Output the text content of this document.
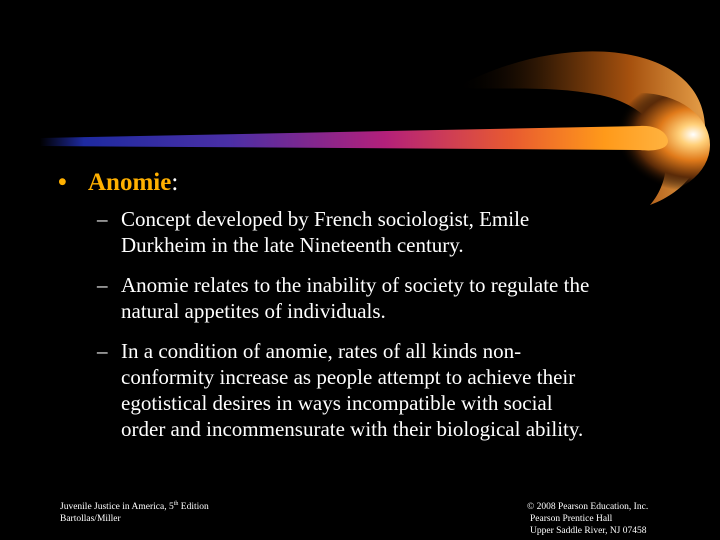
• Anomie:
– Concept developed by French sociologist, Emile
Durkheim in the late Nineteenth century.
– Anomie relates to the inability of society to regulate the
natural appetites of individuals.
– In a condition of anomie, rates of all kinds non-
conformity increase as people attempt to achieve their
egotistical desires in ways incompatible with social
order and incommensurate with their biological ability.
Juvenile Justice in America, 5th Edition
Bartollas/Miller
© 2008 Pearson Education, Inc.
Pearson Prentice Hall
Upper Saddle River, NJ 07458
